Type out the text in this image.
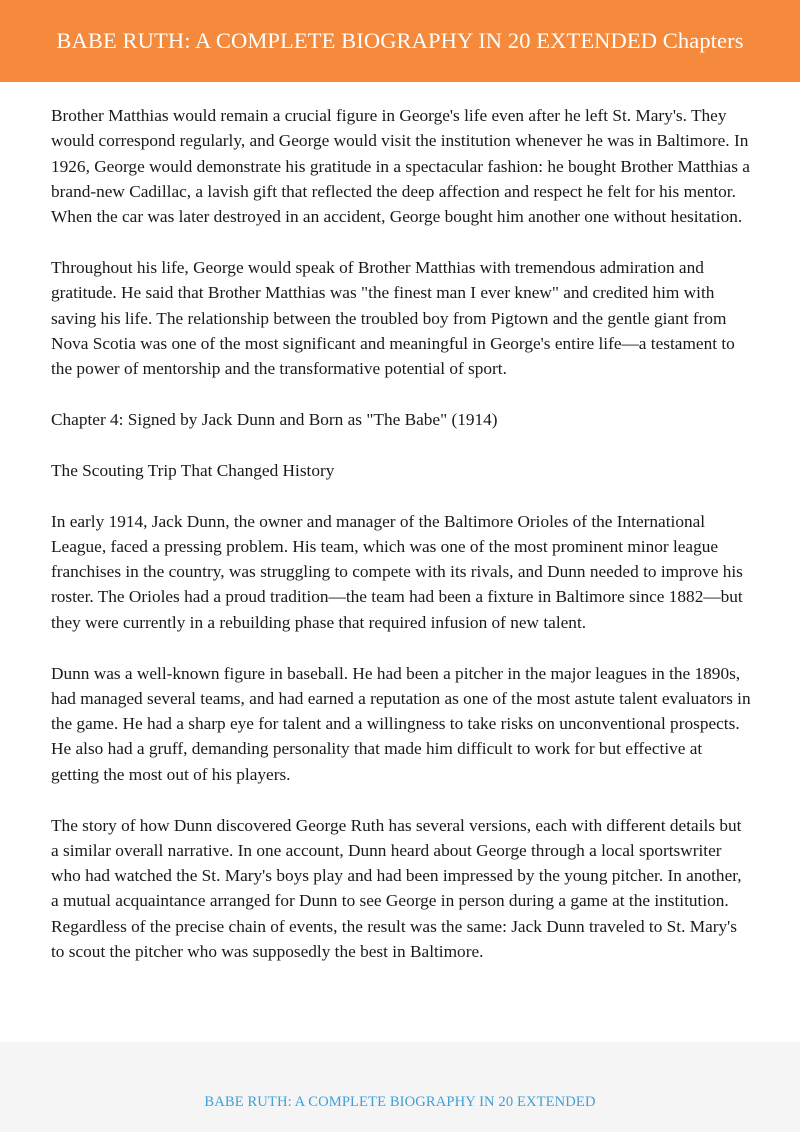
BABE RUTH: A COMPLETE BIOGRAPHY IN 20 EXTENDED Chapters

Brother Matthias would remain a crucial figure in George's life even after he left St. Mary's. They would correspond regularly, and George would visit the institution whenever he was in Baltimore. In 1926, George would demonstrate his gratitude in a spectacular fashion: he bought Brother Matthias a brand-new Cadillac, a lavish gift that reflected the deep affection and respect he felt for his mentor. When the car was later destroyed in an accident, George bought him another one without hesitation.

Throughout his life, George would speak of Brother Matthias with tremendous admiration and gratitude. He said that Brother Matthias was "the finest man I ever knew" and credited him with saving his life. The relationship between the troubled boy from Pigtown and the gentle giant from Nova Scotia was one of the most significant and meaningful in George's entire life—a testament to the power of mentorship and the transformative potential of sport.

Chapter 4: Signed by Jack Dunn and Born as "The Babe" (1914)

The Scouting Trip That Changed History

In early 1914, Jack Dunn, the owner and manager of the Baltimore Orioles of the International League, faced a pressing problem. His team, which was one of the most prominent minor league franchises in the country, was struggling to compete with its rivals, and Dunn needed to improve his roster. The Orioles had a proud tradition—the team had been a fixture in Baltimore since 1882—but they were currently in a rebuilding phase that required infusion of new talent.

Dunn was a well-known figure in baseball. He had been a pitcher in the major leagues in the 1890s, had managed several teams, and had earned a reputation as one of the most astute talent evaluators in the game. He had a sharp eye for talent and a willingness to take risks on unconventional prospects. He also had a gruff, demanding personality that made him difficult to work for but effective at getting the most out of his players.

The story of how Dunn discovered George Ruth has several versions, each with different details but a similar overall narrative. In one account, Dunn heard about George through a local sportswriter who had watched the St. Mary's boys play and had been impressed by the young pitcher. In another, a mutual acquaintance arranged for Dunn to see George in person during a game at the institution. Regardless of the precise chain of events, the result was the same: Jack Dunn traveled to St. Mary's to scout the pitcher who was supposedly the best in Baltimore.

BABE RUTH: A COMPLETE BIOGRAPHY IN 20 EXTENDED
